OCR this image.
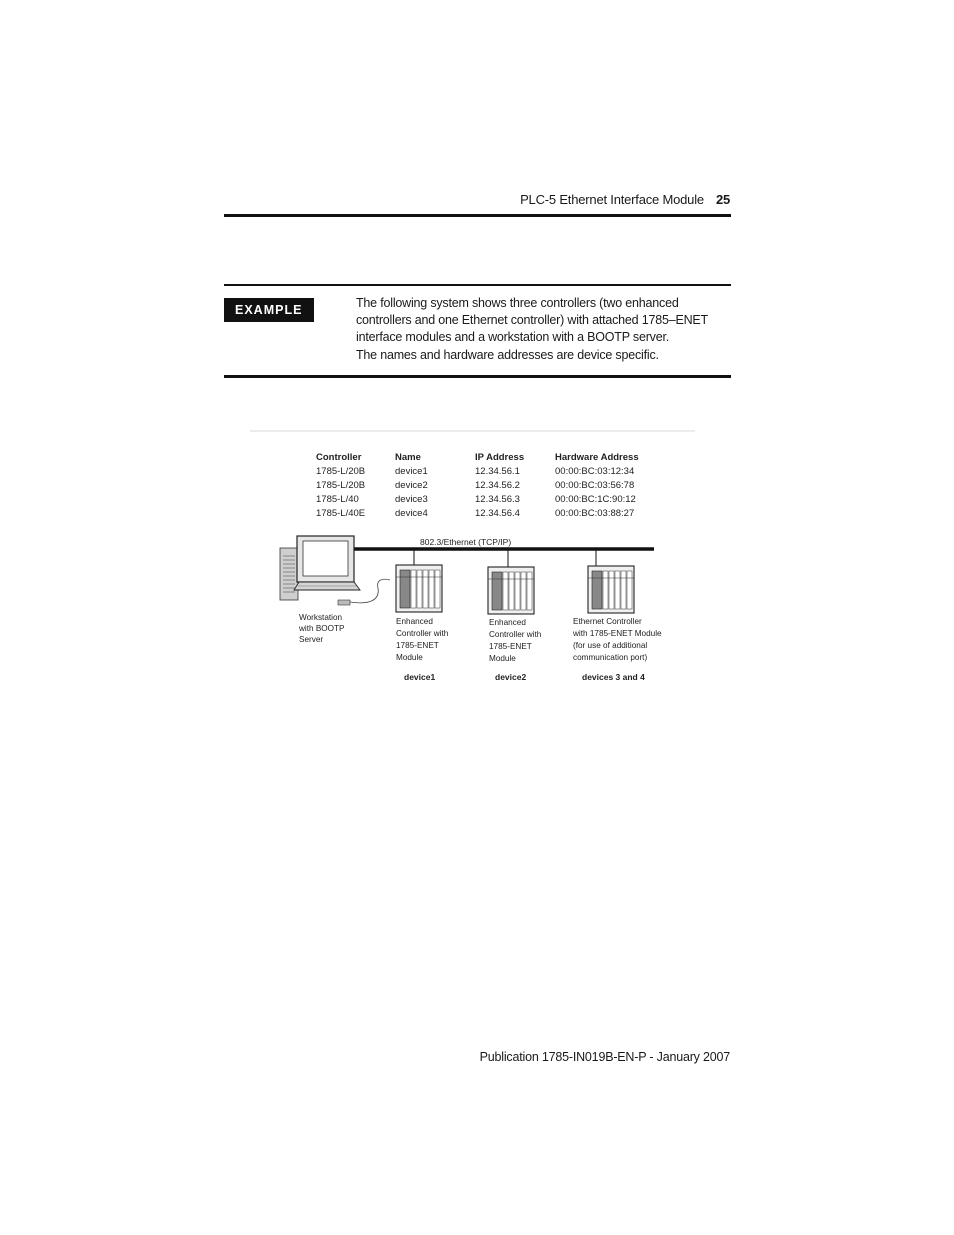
PLC-5 Ethernet Interface Module 25
EXAMPLE	The following system shows three controllers (two enhanced controllers and one Ethernet controller) with attached 1785–ENET interface modules and a workstation with a BOOTP server.

The names and hardware addresses are device specific.

Controller	Name	IP Address	Hardware Address
1785-L/20B	device1	12.34.56.1	00:00:BC:03:12:34
1785-L/20B	device2	12.34.56.2	00:00:BC:03:56:78
1785-L/40	device3	12.34.56.3	00:00:BC:1C:90:12
1785-L/40E	device4	12.34.56.4	00:00:BC:03:88:27
802.3/Ethernet (TCP/IP)
Workstation
with BOOTP
Server
Enhanced
Controller with
1785-ENET
Module
device1
Enhanced
Controller with
1785-ENET
Module
device2
Ethernet Controller
with 1785-ENET Module
(for use of additional
communication port)
devices 3 and 4
Publication 1785-IN019B-EN-P - January 2007
